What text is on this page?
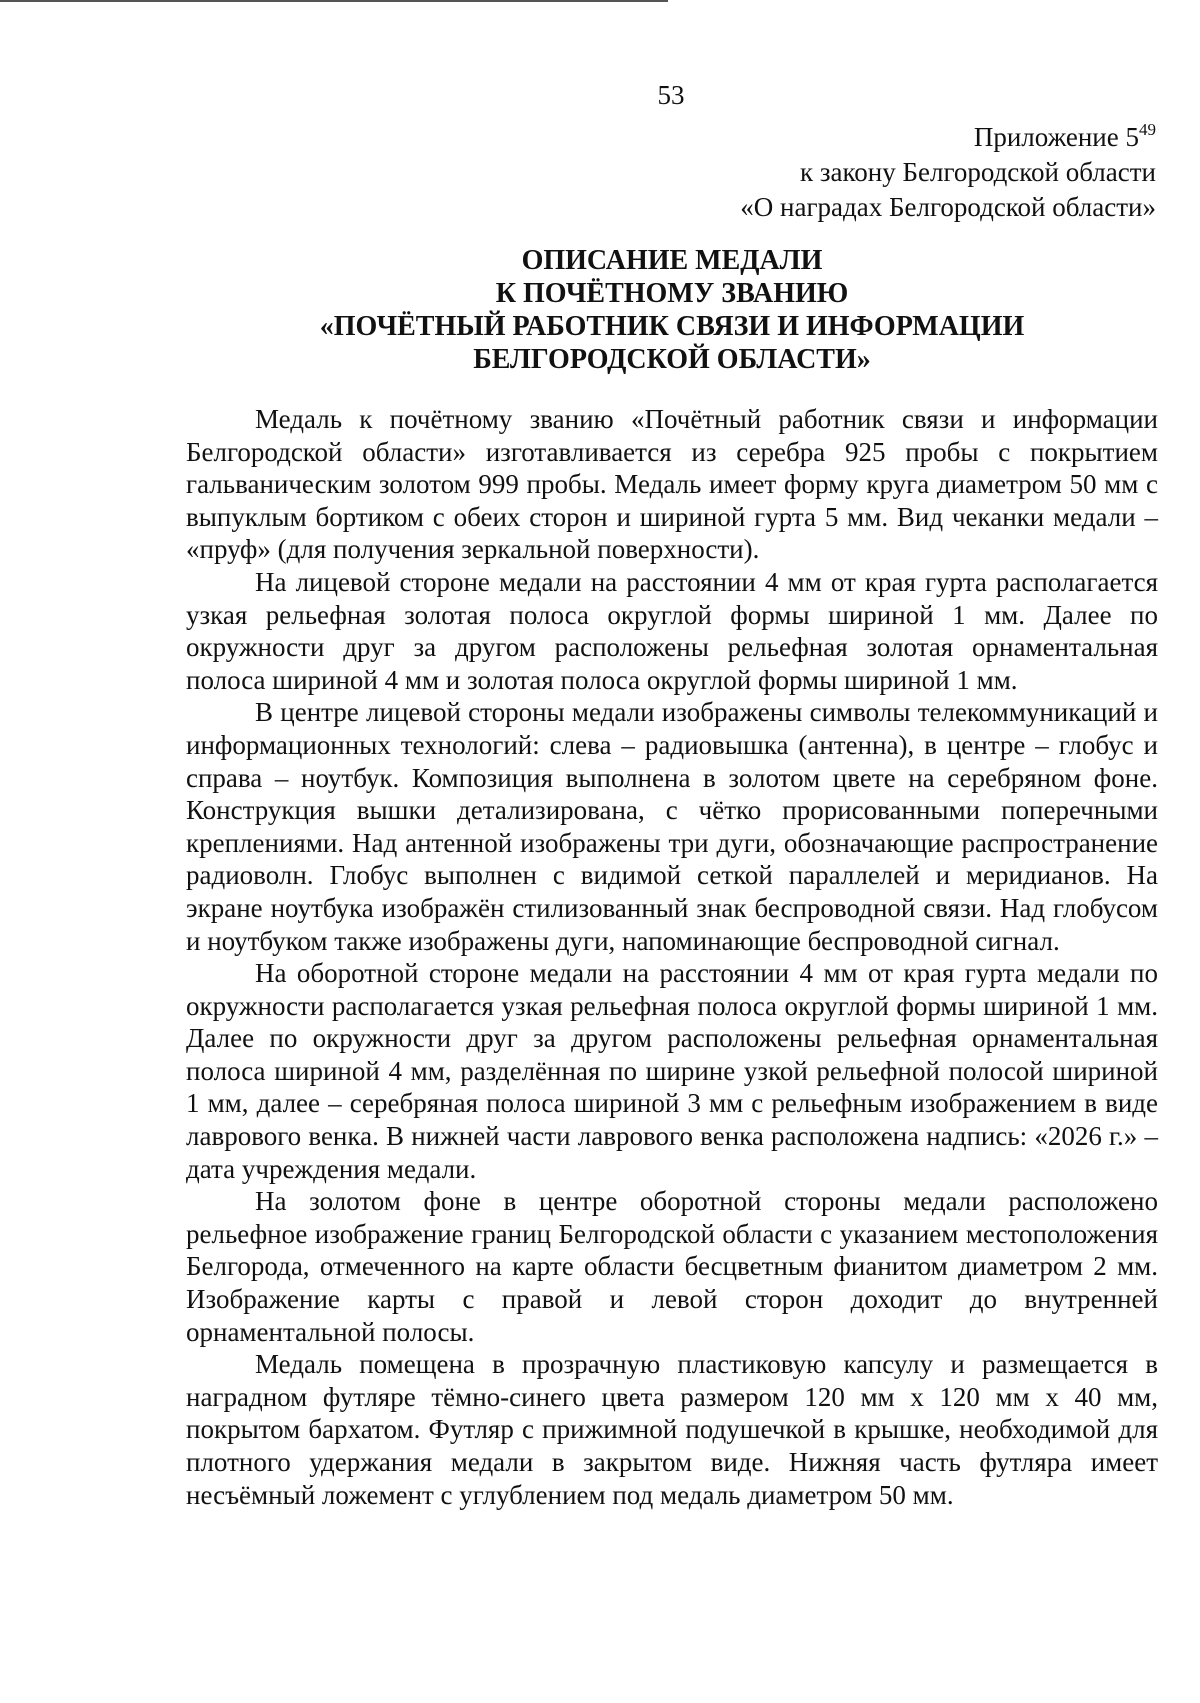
53
Приложение $5^{49}$
к закону Белгородской области
«О наградах Белгородской области»
ОПИСАНИЕ МЕДАЛИ
К ПОЧЁТНОМУ ЗВАНИЮ
«ПОЧЁТНЫЙ РАБОТНИК СВЯЗИ И ИНФОРМАЦИИ
БЕЛГОРОДСКОЙ ОБЛАСТИ»

Медаль к почётному званию «Почётный работник связи и информации Белгородской области» изготавливается из серебра 925 пробы с покрытием гальваническим золотом 999 пробы. Медаль имеет форму круга диаметром 50 мм с выпуклым бортиком с обеих сторон и шириной гурта 5 мм. Вид чеканки медали – «пруф» (для получения зеркальной поверхности).

На лицевой стороне медали на расстоянии 4 мм от края гурта располагается узкая рельефная золотая полоса округлой формы шириной 1 мм. Далее по окружности друг за другом расположены рельефная золотая орнаментальная полоса шириной 4 мм и золотая полоса округлой формы шириной 1 мм.

В центре лицевой стороны медали изображены символы телекоммуникаций и информационных технологий: слева – радиовышка (антенна), в центре – глобус и справа – ноутбук. Композиция выполнена в золотом цвете на серебряном фоне. Конструкция вышки детализирована, с чётко прорисованными поперечными креплениями. Над антенной изображены три дуги, обозначающие распространение радиоволн. Глобус выполнен с видимой сеткой параллелей и меридианов. На экране ноутбука изображён стилизованный знак беспроводной связи. Над глобусом и ноутбуком также изображены дуги, напоминающие беспроводной сигнал.

На оборотной стороне медали на расстоянии 4 мм от края гурта медали по окружности располагается узкая рельефная полоса округлой формы шириной 1 мм. Далее по окружности друг за другом расположены рельефная орнаментальная полоса шириной 4 мм, разделённая по ширине узкой рельефной полосой шириной 1 мм, далее – серебряная полоса шириной 3 мм с рельефным изображением в виде лаврового венка. В нижней части лаврового венка расположена надпись: «2026 г.» – дата учреждения медали.

На золотом фоне в центре оборотной стороны медали расположено рельефное изображение границ Белгородской области с указанием местоположения Белгорода, отмеченного на карте области бесцветным фианитом диаметром 2 мм. Изображение карты с правой и левой сторон доходит до внутренней орнаментальной полосы.

Медаль помещена в прозрачную пластиковую капсулу и размещается в наградном футляре тёмно-синего цвета размером 120 мм х 120 мм х 40 мм, покрытом бархатом. Футляр с прижимной подушечкой в крышке, необходимой для плотного удержания медали в закрытом виде. Нижняя часть футляра имеет несъёмный ложемент с углублением под медаль диаметром 50 мм.
